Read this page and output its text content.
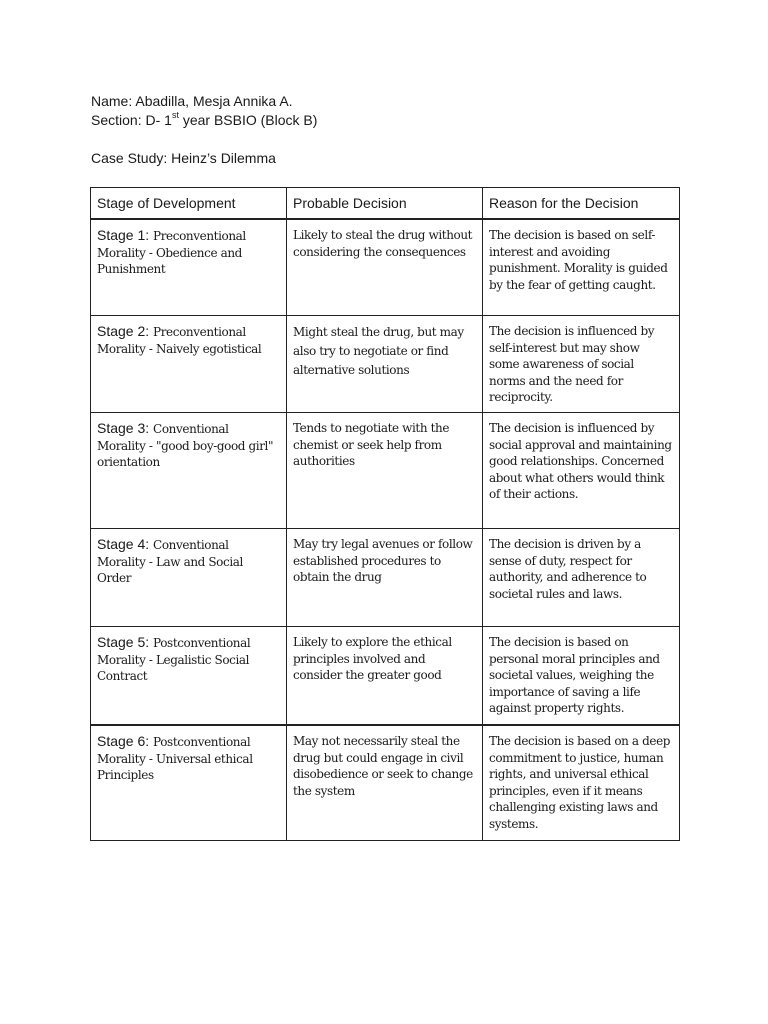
Name: Abadilla, Mesja Annika A.
Section: D- 1st year BSBIO (Block B)
Case Study: Heinz’s Dilemma
Stage of Development	Probable Decision	Reason for the Decision
Stage 1: Preconventional Morality - Obedience and Punishment	Likely to steal the drug without considering the consequences	The decision is based on self-interest and avoiding punishment. Morality is guided by the fear of getting caught.
Stage 2: Preconventional Morality - Naively egotistical	Might steal the drug, but may also try to negotiate or find alternative solutions	The decision is influenced by self-interest but may show some awareness of social norms and the need for reciprocity.
Stage 3: Conventional Morality - "good boy-good girl" orientation	Tends to negotiate with the chemist or seek help from authorities	The decision is influenced by social approval and maintaining good relationships. Concerned about what others would think of their actions.
Stage 4: Conventional Morality - Law and Social Order	May try legal avenues or follow established procedures to obtain the drug	The decision is driven by a sense of duty, respect for authority, and adherence to societal rules and laws.
Stage 5: Postconventional Morality - Legalistic Social Contract	Likely to explore the ethical principles involved and consider the greater good	The decision is based on personal moral principles and societal values, weighing the importance of saving a life against property rights.
Stage 6: Postconventional Morality - Universal ethical Principles	May not necessarily steal the drug but could engage in civil disobedience or seek to change the system	The decision is based on a deep commitment to justice, human rights, and universal ethical principles, even if it means challenging existing laws and systems.
